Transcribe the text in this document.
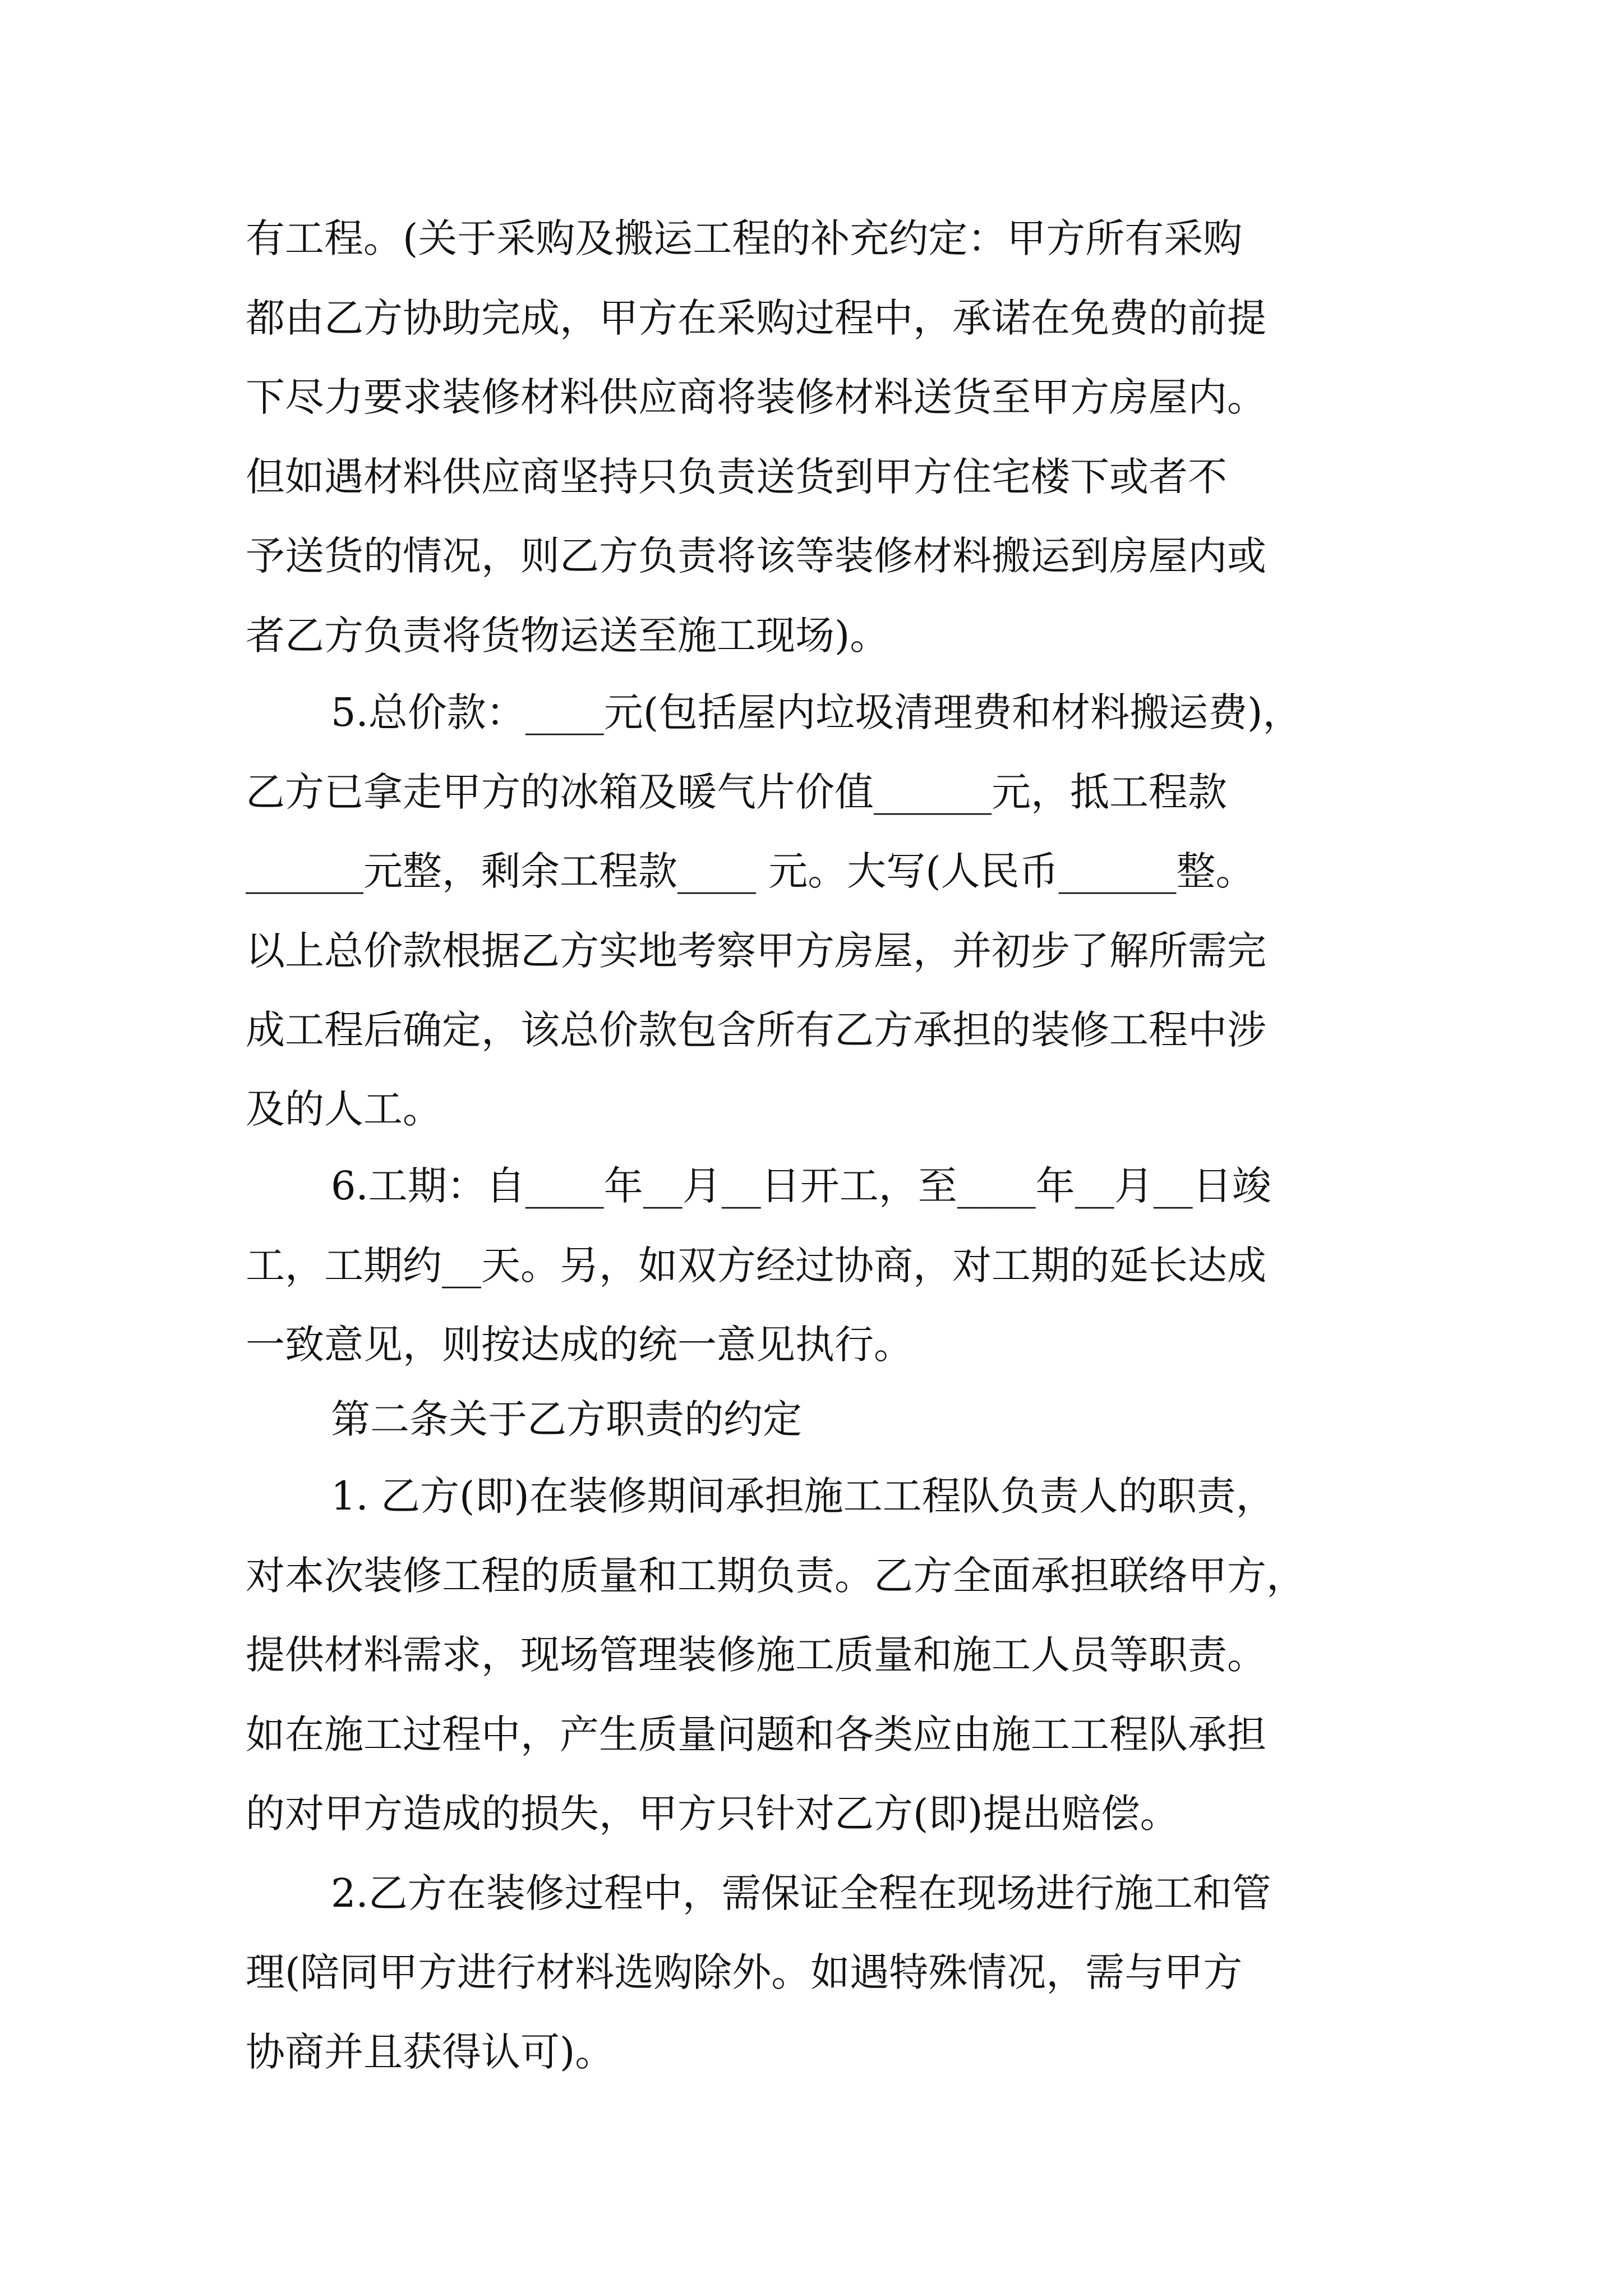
有工程。(关于采购及搬运工程的补充约定：甲方所有采购
都由乙方协助完成，甲方在采购过程中，承诺在免费的前提
下尽力要求装修材料供应商将装修材料送货至甲方房屋内。
但如遇材料供应商坚持只负责送货到甲方住宅楼下或者不
予送货的情况，则乙方负责将该等装修材料搬运到房屋内或
者乙方负责将货物运送至施工现场)。
5.总价款：____元(包括屋内垃圾清理费和材料搬运费)，
乙方已拿走甲方的冰箱及暖气片价值______元，抵工程款
______元整，剩余工程款____ 元。大写(人民币______整。
以上总价款根据乙方实地考察甲方房屋，并初步了解所需完
成工程后确定，该总价款包含所有乙方承担的装修工程中涉
及的人工。
6.工期：自____年__月__日开工，至____年__月__日竣
工，工期约__天。另，如双方经过协商，对工期的延长达成
一致意见，则按达成的统一意见执行。
第二条关于乙方职责的约定
1. 乙方(即)在装修期间承担施工工程队负责人的职责，
对本次装修工程的质量和工期负责。乙方全面承担联络甲方，
提供材料需求，现场管理装修施工质量和施工人员等职责。
如在施工过程中，产生质量问题和各类应由施工工程队承担
的对甲方造成的损失，甲方只针对乙方(即)提出赔偿。
2.乙方在装修过程中，需保证全程在现场进行施工和管
理(陪同甲方进行材料选购除外。如遇特殊情况，需与甲方
协商并且获得认可)。
